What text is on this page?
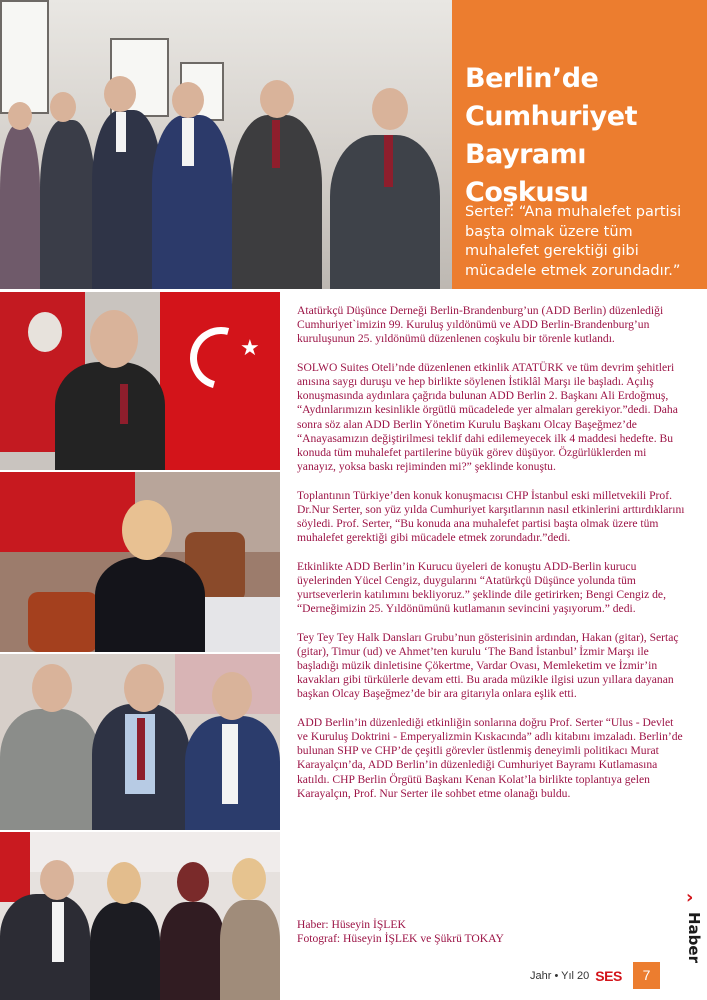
Berlin’de
Cumhuriyet Bayramı
Coşkusu
Serter: “Ana muhalefet partisi başta olmak üzere tüm muhalefet gerektiği gibi mücadele etmek zorundadır.”
★

Atatürkçü Düşünce Derneği Berlin-Brandenburg’un (ADD Berlin) düzenlediği Cumhuriyet`imizin 99. Kuruluş yıldönümü ve ADD Berlin-Brandenburg’un kuruluşunun 25. yıldönümü düzenlenen coşkulu bir törenle kutlandı.

SOLWO Suites Oteli’nde düzenlenen etkinlik ATATÜRK ve tüm devrim şehitleri anısına saygı duruşu ve hep birlikte söylenen İstiklâl Marşı ile başladı. Açılış konuşmasında aydınlara çağrıda bulunan ADD Berlin 2. Başkanı Ali Erdoğmuş, “Aydınlarımızın kesinlikle örgütlü mücadelede yer almaları gerekiyor.”dedi. Daha sonra söz alan ADD Berlin Yönetim Kurulu Başkanı Olcay Başeğmez’de “Anayasamızın değiştirilmesi teklif dahi edilemeyecek ilk 4 maddesi hedefte. Bu konuda tüm muhalefet partilerine büyük görev düşüyor. Özgürlüklerden mi yanayız, yoksa baskı rejiminden mi?” şeklinde konuştu.

Toplantının Türkiye’den konuk konuşmacısı CHP İstanbul eski milletvekili Prof. Dr.Nur Serter, son yüz yılda Cumhuriyet karşıtlarının nasıl etkinlerini arttırdıklarını söyledi. Prof. Serter, “Bu konuda ana muhalefet partisi başta olmak üzere tüm muhalefet gerektiği gibi mücadele etmek zorundadır.”dedi.

Etkinlikte ADD Berlin’in Kurucu üyeleri de konuştu ADD-Berlin kurucu üyelerinden Yücel Cengiz, duygularını “Atatürkçü Düşünce yolunda tüm yurtseverlerin katılımını bekliyoruz.” şeklinde dile getirirken; Bengi Cengiz de, “Derneğimizin 25. Yıldönümünü kutlamanın sevincini yaşıyorum.” dedi.

Tey Tey Tey Halk Dansları Grubu’nun gösterisinin ardından, Hakan (gitar), Sertaç (gitar), Timur (ud) ve Ahmet’ten kurulu ‘The Band İstanbul’ İzmir Marşı ile başladığı müzik dinletisine Çökertme, Vardar Ovası, Memleketim ve İzmir’in kavakları gibi türkülerle devam etti. Bu arada müzikle ilgisi uzun yıllara dayanan başkan Olcay Başeğmez’de bir ara gitarıyla onlara eşlik etti.

ADD Berlin’in düzenlediği etkinliğin sonlarına doğru Prof. Serter “Ulus - Devlet ve Kuruluş Doktrini - Emperyalizmin Kıskacında” adlı kitabını imzaladı. Berlin’de bulunan SHP ve CHP’de çeşitli görevler üstlenmiş deneyimli politikacı Murat Karayalçın’da, ADD Berlin’in düzenlediği Cumhuriyet Bayramı Kutlamasına katıldı. CHP Berlin Örgütü Başkanı Kenan Kolat’la birlikte toplantıya gelen Karayalçın, Prof. Nur Serter ile sohbet etme olanağı buldu.

Haber: Hüseyin İŞLEK
Fotograf: Hüseyin İŞLEK ve Şükrü TOKAY
›
Haber
Jahr • Yıl 20 SES	7
